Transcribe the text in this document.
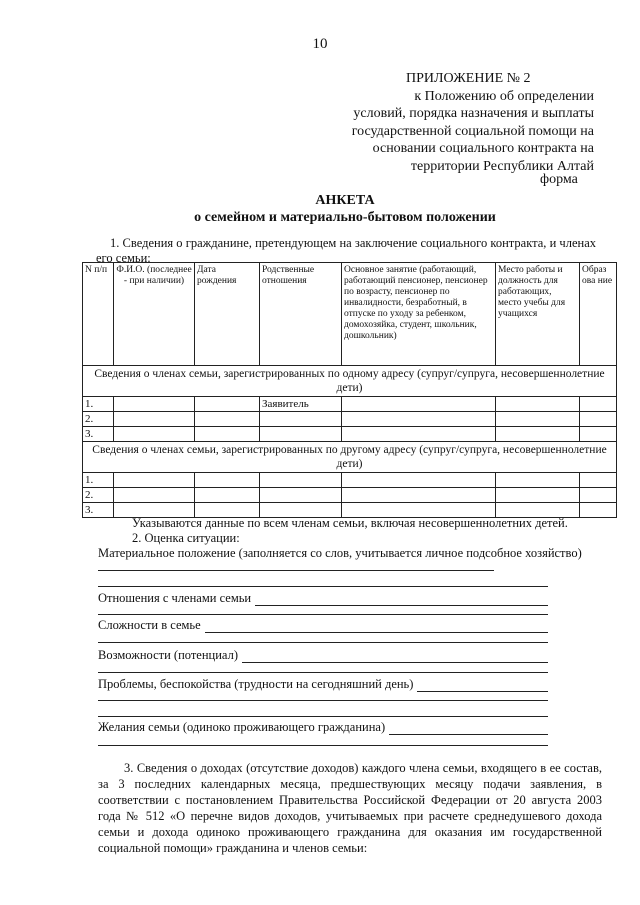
10
ПРИЛОЖЕНИЕ № 2
к Положению об определении
условий, порядка назначения и выплаты
государственной социальной помощи на
основании социального контракта на
территории Республики Алтай
форма
АНКЕТА
о семейном и материально-бытовом положении
1. Сведения о гражданине, претендующем на заключение социального контракта, и членах его семьи:
N п/п	Ф.И.О. (последнее - при наличии)	Дата рождения	Родственные отношения	Основное занятие (работающий, работающий пенсионер, пенсионер по возрасту, пенсионер по инвалидности, безработный, в отпуске по уходу за ребенком, домохозяйка, студент, школьник, дошкольник)	Место работы и должность для работающих, место учебы для учащихся	Образ ова ние
Сведения о членах семьи, зарегистрированных по одному адресу (супруг/супруга, несовершеннолетние дети)						
1.			Заявитель			
2.						
3.						
Сведения о членах семьи, зарегистрированных по другому адресу (супруг/супруга, несовершеннолетние дети)						
1.						
2.						
3.						
Указываются данные по всем членам семьи, включая несовершеннолетних детей.
2. Оценка ситуации:
Материальное положение (заполняется со слов, учитывается личное подсобное хозяйство)
Отношения с членами семьи
Сложности в семье
Возможности (потенциал)
Проблемы, беспокойства (трудности на сегодняшний день)
Желания семьи (одиноко проживающего гражданина)
3. Сведения о доходах (отсутствие доходов) каждого члена семьи, входящего в ее состав, за 3 последних календарных месяца, предшествующих месяцу подачи заявления, в соответствии с постановлением Правительства Российской Федерации от 20 августа 2003 года № 512 «О перечне видов доходов, учитываемых при расчете среднедушевого дохода семьи и дохода одиноко проживающего гражданина для оказания им государственной социальной помощи» гражданина и членов семьи:
